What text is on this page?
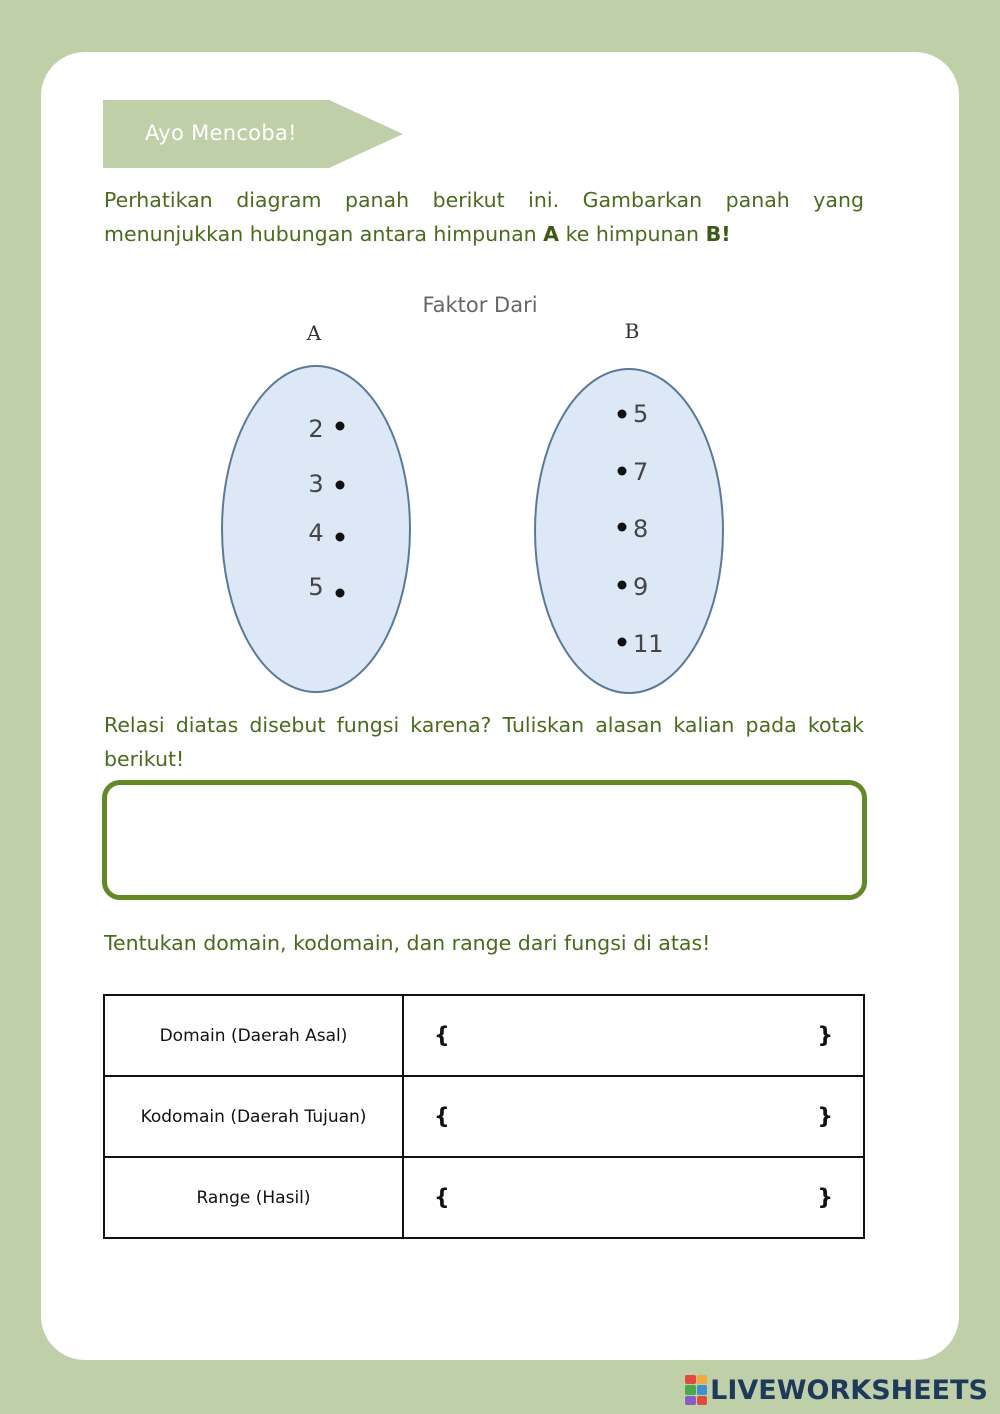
Ayo Mencoba!

Perhatikan diagram panah berikut ini. Gambarkan panah yang menunjukkan hubungan antara himpunan A ke himpunan B!

Faktor Dari
A	B
2
3
4
5
5
7
8
9
11

Relasi diatas disebut fungsi karena? Tuliskan alasan kalian pada kotak berikut!

Tentukan domain, kodomain, dan range dari fungsi di atas!

Domain (Daerah Asal)	{ }

Kodomain (Daerah Tujuan)	{ }

Range (Hasil)	{ }
LIVEWORKSHEETS
